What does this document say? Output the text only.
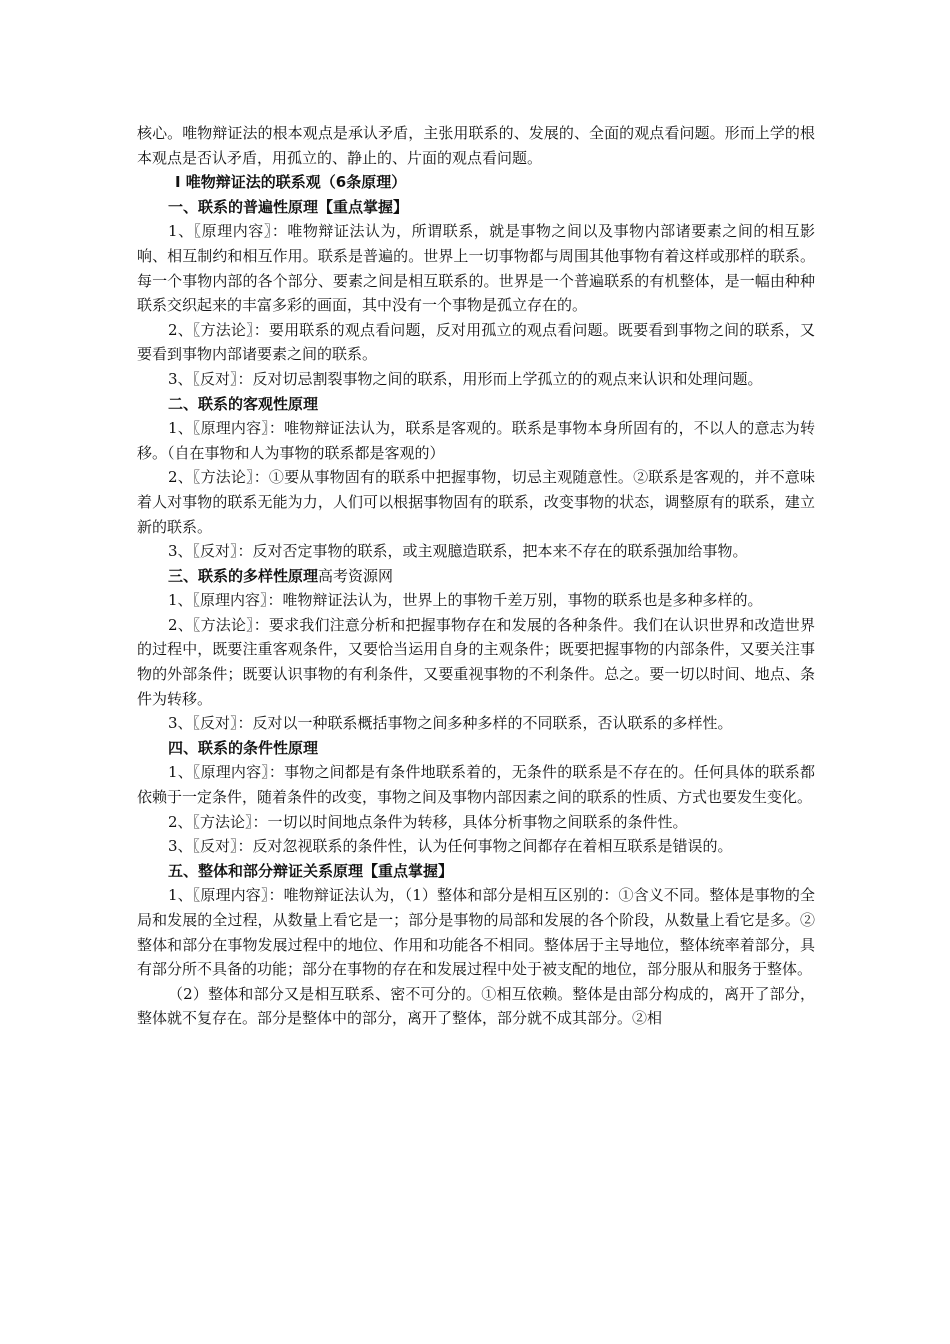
核心。唯物辩证法的根本观点是承认矛盾，主张用联系的、发展的、全面的观点看问题。形而上学的根本观点是否认矛盾，用孤立的、静止的、片面的观点看问题。

Ⅰ 唯物辩证法的联系观（6条原理）

一、联系的普遍性原理【重点掌握】

1、〖原理内容〗：唯物辩证法认为，所谓联系，就是事物之间以及事物内部诸要素之间的相互影响、相互制约和相互作用。联系是普遍的。世界上一切事物都与周围其他事物有着这样或那样的联系。每一个事物内部的各个部分、要素之间是相互联系的。世界是一个普遍联系的有机整体，是一幅由种种联系交织起来的丰富多彩的画面，其中没有一个事物是孤立存在的。

2、〖方法论〗：要用联系的观点看问题，反对用孤立的观点看问题。既要看到事物之间的联系，又要看到事物内部诸要素之间的联系。

3、〖反对〗：反对切忌割裂事物之间的联系，用形而上学孤立的的观点来认识和处理问题。

二、联系的客观性原理

1、〖原理内容〗：唯物辩证法认为，联系是客观的。联系是事物本身所固有的，不以人的意志为转移。（自在事物和人为事物的联系都是客观的）

2、〖方法论〗：①要从事物固有的联系中把握事物，切忌主观随意性。②联系是客观的，并不意味着人对事物的联系无能为力，人们可以根据事物固有的联系，改变事物的状态，调整原有的联系，建立新的联系。

3、〖反对〗：反对否定事物的联系，或主观臆造联系，把本来不存在的联系强加给事物。

三、联系的多样性原理高考资源网

1、〖原理内容〗：唯物辩证法认为，世界上的事物千差万别，事物的联系也是多种多样的。

2、〖方法论〗：要求我们注意分析和把握事物存在和发展的各种条件。我们在认识世界和改造世界的过程中，既要注重客观条件，又要恰当运用自身的主观条件；既要把握事物的内部条件，又要关注事物的外部条件；既要认识事物的有利条件，又要重视事物的不利条件。总之。要一切以时间、地点、条件为转移。

3、〖反对〗：反对以一种联系概括事物之间多种多样的不同联系，否认联系的多样性。

四、联系的条件性原理

1、〖原理内容〗：事物之间都是有条件地联系着的，无条件的联系是不存在的。任何具体的联系都依赖于一定条件，随着条件的改变，事物之间及事物内部因素之间的联系的性质、方式也要发生变化。

2、〖方法论〗：一切以时间地点条件为转移，具体分析事物之间联系的条件性。

3、〖反对〗：反对忽视联系的条件性，认为任何事物之间都存在着相互联系是错误的。

五、整体和部分辩证关系原理【重点掌握】

1、〖原理内容〗：唯物辩证法认为，（1）整体和部分是相互区别的：①含义不同。整体是事物的全局和发展的全过程，从数量上看它是一；部分是事物的局部和发展的各个阶段，从数量上看它是多。②整体和部分在事物发展过程中的地位、作用和功能各不相同。整体居于主导地位，整体统率着部分，具有部分所不具备的功能；部分在事物的存在和发展过程中处于被支配的地位，部分服从和服务于整体。

（2）整体和部分又是相互联系、密不可分的。①相互依赖。整体是由部分构成的，离开了部分，整体就不复存在。部分是整体中的部分，离开了整体，部分就不成其部分。②相
